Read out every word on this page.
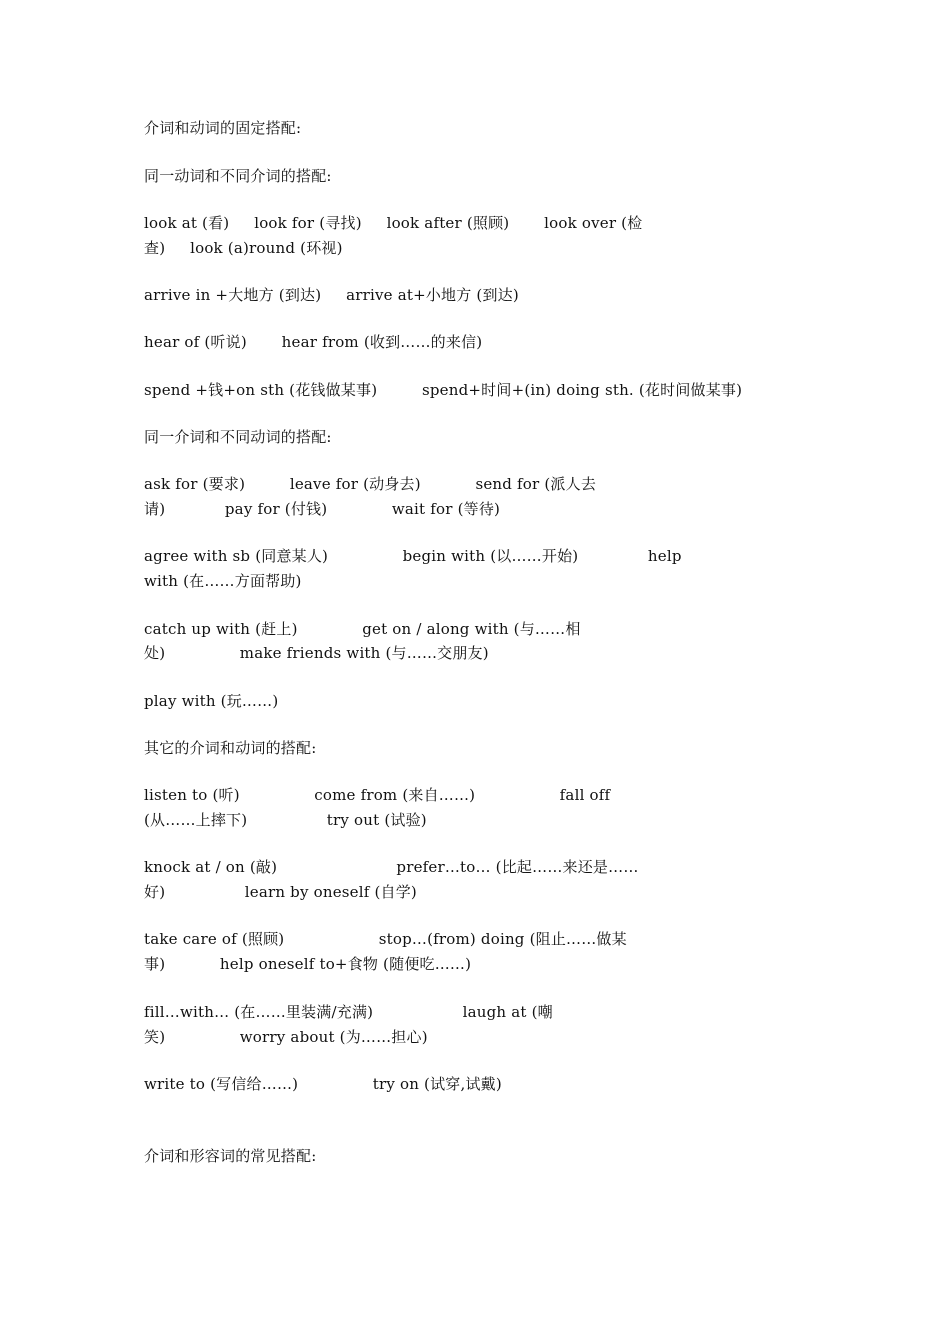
介词和动词的固定搭配:
同一动词和不同介词的搭配:
look at (看)     look for (寻找)     look after (照顾)       look over (检
查)     look (a)round (环视)
arrive in +大地方 (到达)     arrive at+小地方 (到达)
hear of (听说)       hear from (收到……的来信)
spend +钱+on sth (花钱做某事)         spend+时间+(in) doing sth. (花时间做某事)
同一介词和不同动词的搭配:
ask for (要求)         leave for (动身去)           send for (派人去
请)            pay for (付钱)             wait for (等待)
agree with sb (同意某人)               begin with (以……开始)              help
with (在……方面帮助)
catch up with (赶上)             get on / along with (与……相
处)               make friends with (与……交朋友)
play with (玩……)
其它的介词和动词的搭配:
listen to (听)               come from (来自……)                 fall off
(从……上摔下)                try out (试验)
knock at / on (敲)                        prefer…to… (比起……来还是……
好)                learn by oneself (自学)
take care of (照顾)                   stop…(from) doing (阻止……做某
事)           help oneself to+食物 (随便吃……)
fill…with… (在……里装满/充满)                  laugh at (嘲
笑)               worry about (为……担心)
write to (写信给……)               try on (试穿,试戴)
介词和形容词的常见搭配:
